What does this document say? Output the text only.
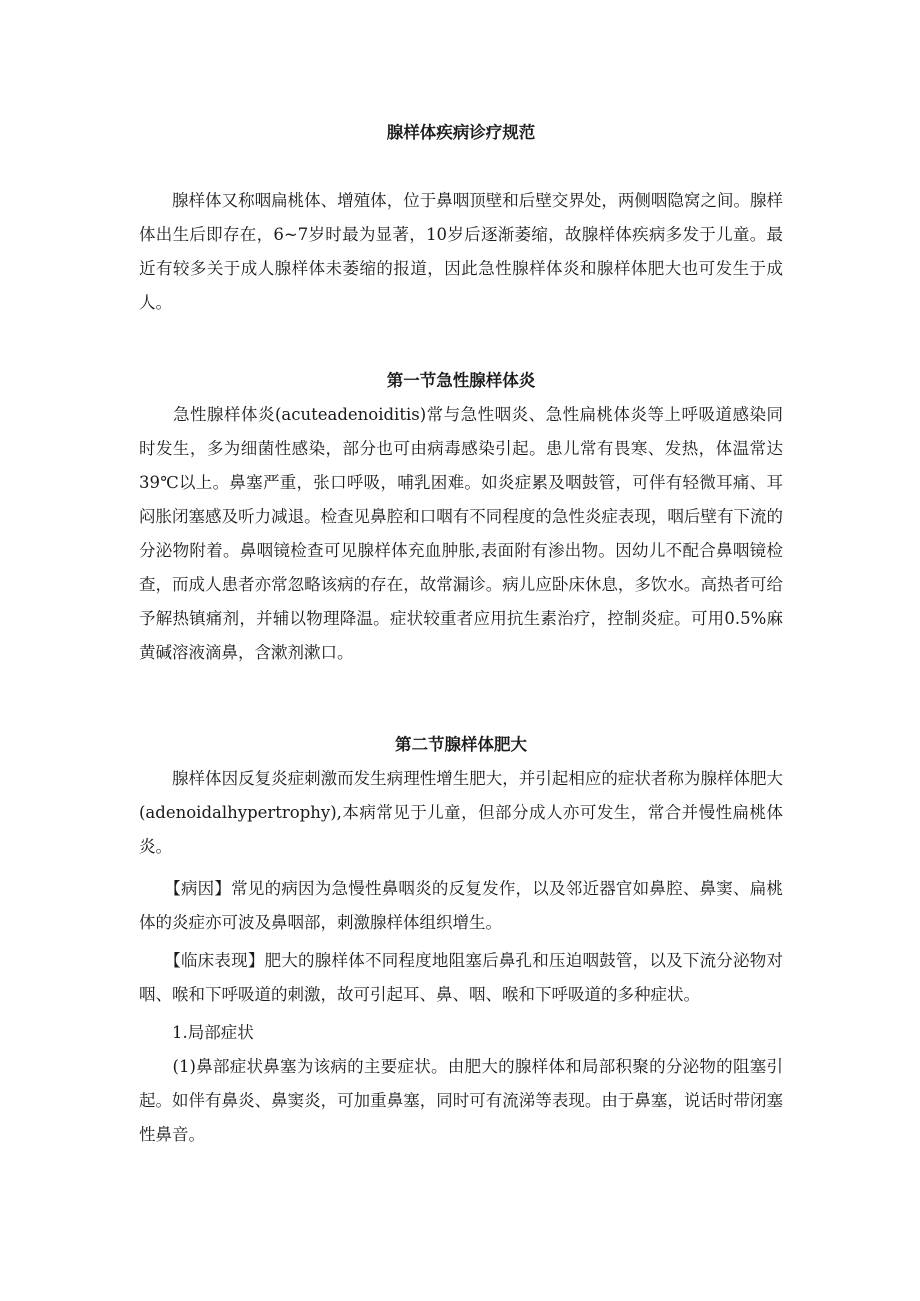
腺样体疾病诊疗规范

　　腺样体又称咽扁桃体、增殖体，位于鼻咽顶壁和后壁交界处，两侧咽隐窝之间。腺样体出生后即存在，6~7岁时最为显著，10岁后逐渐萎缩，故腺样体疾病多发于儿童。最近有较多关于成人腺样体未萎缩的报道，因此急性腺样体炎和腺样体肥大也可发生于成人。

第一节急性腺样体炎

　　急性腺样体炎(acuteadenoiditis)常与急性咽炎、急性扁桃体炎等上呼吸道感染同时发生，多为细菌性感染，部分也可由病毒感染引起。患儿常有畏寒、发热，体温常达39℃以上。鼻塞严重，张口呼吸，哺乳困难。如炎症累及咽鼓管，可伴有轻微耳痛、耳闷胀闭塞感及听力减退。检查见鼻腔和口咽有不同程度的急性炎症表现，咽后壁有下流的分泌物附着。鼻咽镜检查可见腺样体充血肿胀,表面附有渗出物。因幼儿不配合鼻咽镜检查，而成人患者亦常忽略该病的存在，故常漏诊。病儿应卧床休息，多饮水。高热者可给予解热镇痛剂，并辅以物理降温。症状较重者应用抗生素治疗，控制炎症。可用0.5%麻黄碱溶液滴鼻，含漱剂漱口。

第二节腺样体肥大

　　腺样体因反复炎症刺激而发生病理性增生肥大，并引起相应的症状者称为腺样体肥大(adenoidalhypertrophy),本病常见于儿童，但部分成人亦可发生，常合并慢性扁桃体炎。

　　【病因】常见的病因为急慢性鼻咽炎的反复发作，以及邻近器官如鼻腔、鼻窦、扁桃体的炎症亦可波及鼻咽部，刺激腺样体组织增生。

　　【临床表现】肥大的腺样体不同程度地阻塞后鼻孔和压迫咽鼓管，以及下流分泌物对咽、喉和下呼吸道的刺激，故可引起耳、鼻、咽、喉和下呼吸道的多种症状。

　　1.局部症状

　　(1)鼻部症状鼻塞为该病的主要症状。由肥大的腺样体和局部积聚的分泌物的阻塞引起。如伴有鼻炎、鼻窦炎，可加重鼻塞，同时可有流涕等表现。由于鼻塞，说话时带闭塞性鼻音。
